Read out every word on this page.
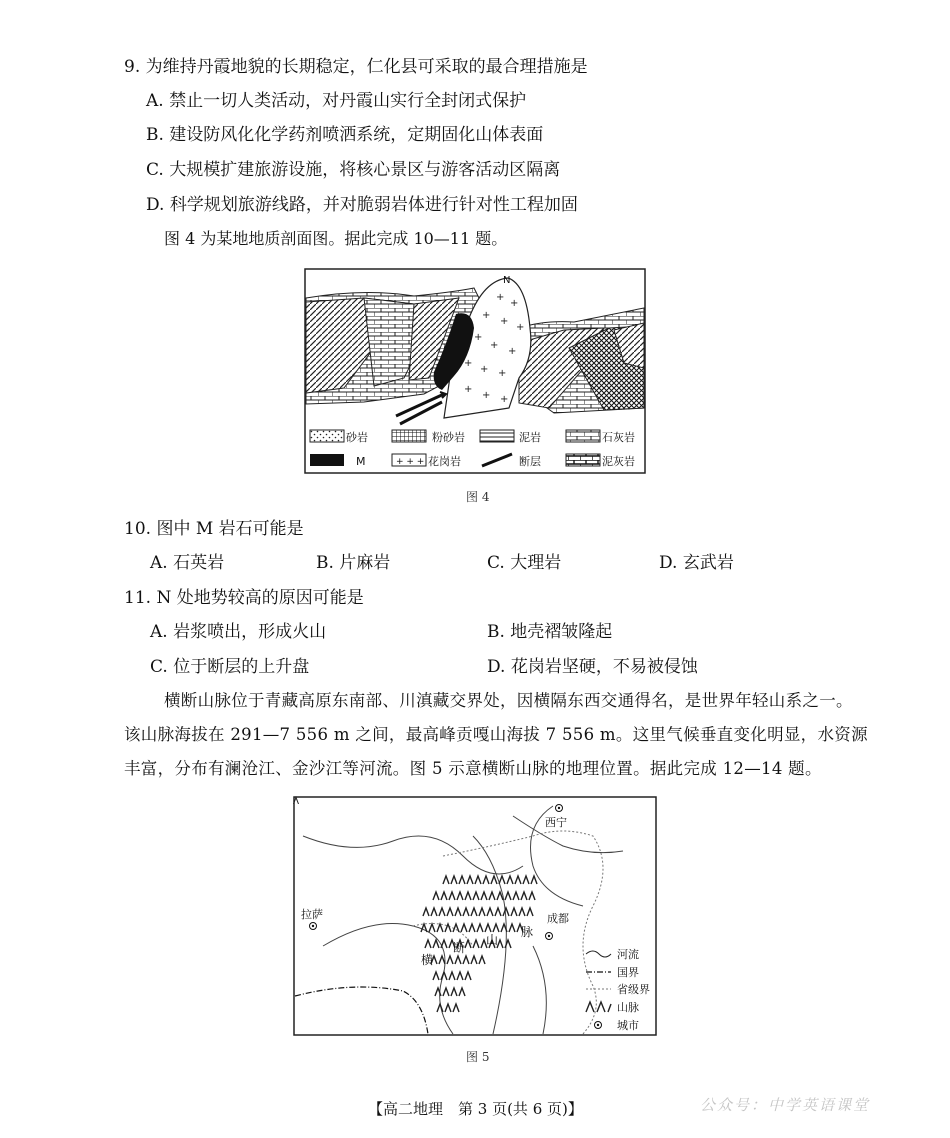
9. 为维持丹霞地貌的长期稳定，仁化县可采取的最合理措施是
A. 禁止一切人类活动，对丹霞山实行全封闭式保护
B. 建设防风化化学药剂喷洒系统，定期固化山体表面
C. 大规模扩建旅游设施，将核心景区与游客活动区隔离
D. 科学规划旅游线路，并对脆弱岩体进行针对性工程加固
图 4 为某地地质剖面图。据此完成 10—11 题。
+
+
+
+
+
+
+
+
+
+ +
+
+ +
N
砂岩	粉砂岩	泥岩	石灰岩
M	+ + + 花岗岩	断层	泥灰岩
图 4
10. 图中 M 岩石可能是
A. 石英岩	B. 片麻岩	C. 大理岩	D. 玄武岩
11. N 处地势较高的原因可能是
A. 岩浆喷出，形成火山	B. 地壳褶皱隆起
C. 位于断层的上升盘	D. 花岗岩坚硬，不易被侵蚀
横断山脉位于青藏高原东南部、川滇藏交界处，因横隔东西交通得名，是世界年轻山系之一。
该山脉海拔在 291—7 556 m 之间，最高峰贡嘎山海拔 7 556 m。这里气候垂直变化明显，水资源
丰富，分布有澜沧江、金沙江等河流。图 5 示意横断山脉的地理位置。据此完成 12—14 题。
横
断
山
脉
西宁
拉萨	成都
河流
国界
省级界
山脉
城市
图 5
【高二地理　第 3 页(共 6 页)】	公众号：中学英语课堂
